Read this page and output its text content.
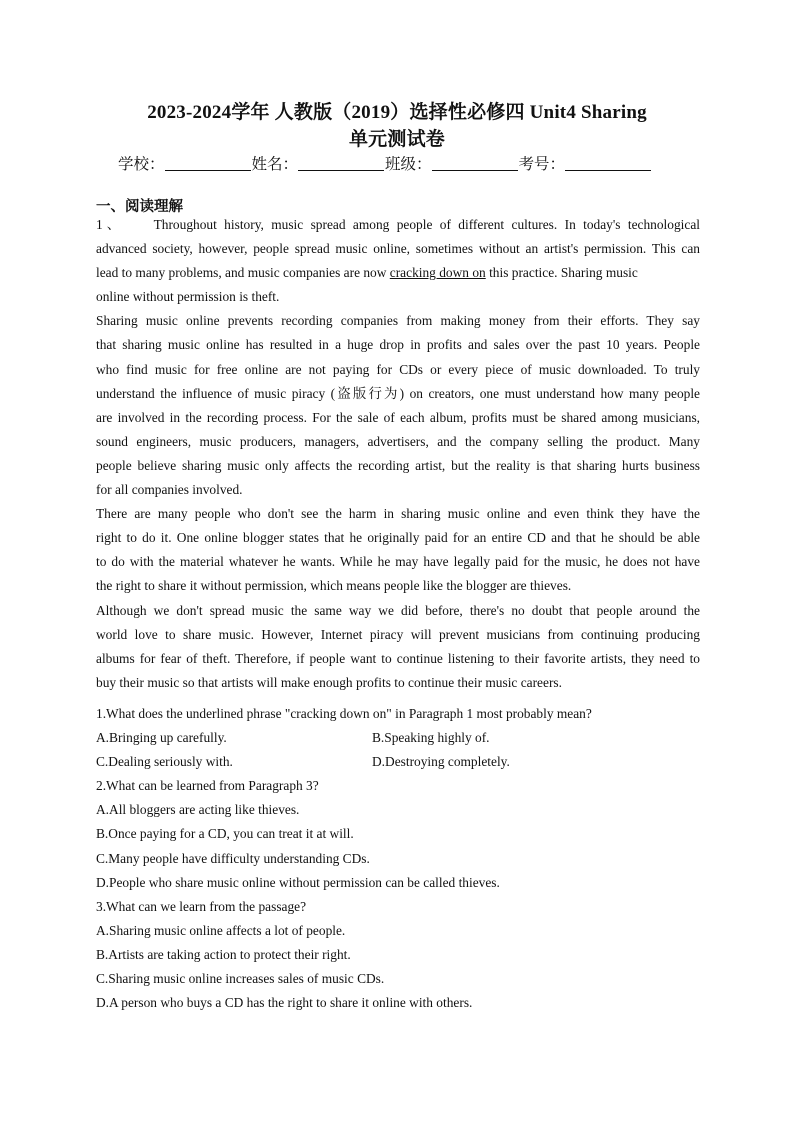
2023-2024学年 人教版（2019）选择性必修四 Unit4 Sharing
单元测试卷
学校：	姓名：	班级：	考号：
一、阅读理解
1、 Throughout history, music spread among people of different cultures. In today's technological
advanced society, however, people spread music online, sometimes without an artist's permission. This can
lead to many problems, and music companies are now cracking down on this practice. Sharing music
online without permission is theft.
Sharing music online prevents recording companies from making money from their efforts. They say
that sharing music online has resulted in a huge drop in profits and sales over the past 10 years. People
who find music for free online are not paying for CDs or every piece of music downloaded. To truly
understand the influence of music piracy (盗版行为) on creators, one must understand how many people
are involved in the recording process. For the sale of each album, profits must be shared among musicians,
sound engineers, music producers, managers, advertisers, and the company selling the product. Many
people believe sharing music only affects the recording artist, but the reality is that sharing hurts business
for all companies involved.
There are many people who don't see the harm in sharing music online and even think they have the
right to do it. One online blogger states that he originally paid for an entire CD and that he should be able
to do with the material whatever he wants. While he may have legally paid for the music, he does not have
the right to share it without permission, which means people like the blogger are thieves.
Although we don't spread music the same way we did before, there's no doubt that people around the
world love to share music. However, Internet piracy will prevent musicians from continuing producing
albums for fear of theft. Therefore, if people want to continue listening to their favorite artists, they need to
buy their music so that artists will make enough profits to continue their music careers.
1.What does the underlined phrase "cracking down on" in Paragraph 1 most probably mean?
A.Bringing up carefully.	B.Speaking highly of.
C.Dealing seriously with.	D.Destroying completely.
2.What can be learned from Paragraph 3?
A.All bloggers are acting like thieves.
B.Once paying for a CD, you can treat it at will.
C.Many people have difficulty understanding CDs.
D.People who share music online without permission can be called thieves.
3.What can we learn from the passage?
A.Sharing music online affects a lot of people.
B.Artists are taking action to protect their right.
C.Sharing music online increases sales of music CDs.
D.A person who buys a CD has the right to share it online with others.
